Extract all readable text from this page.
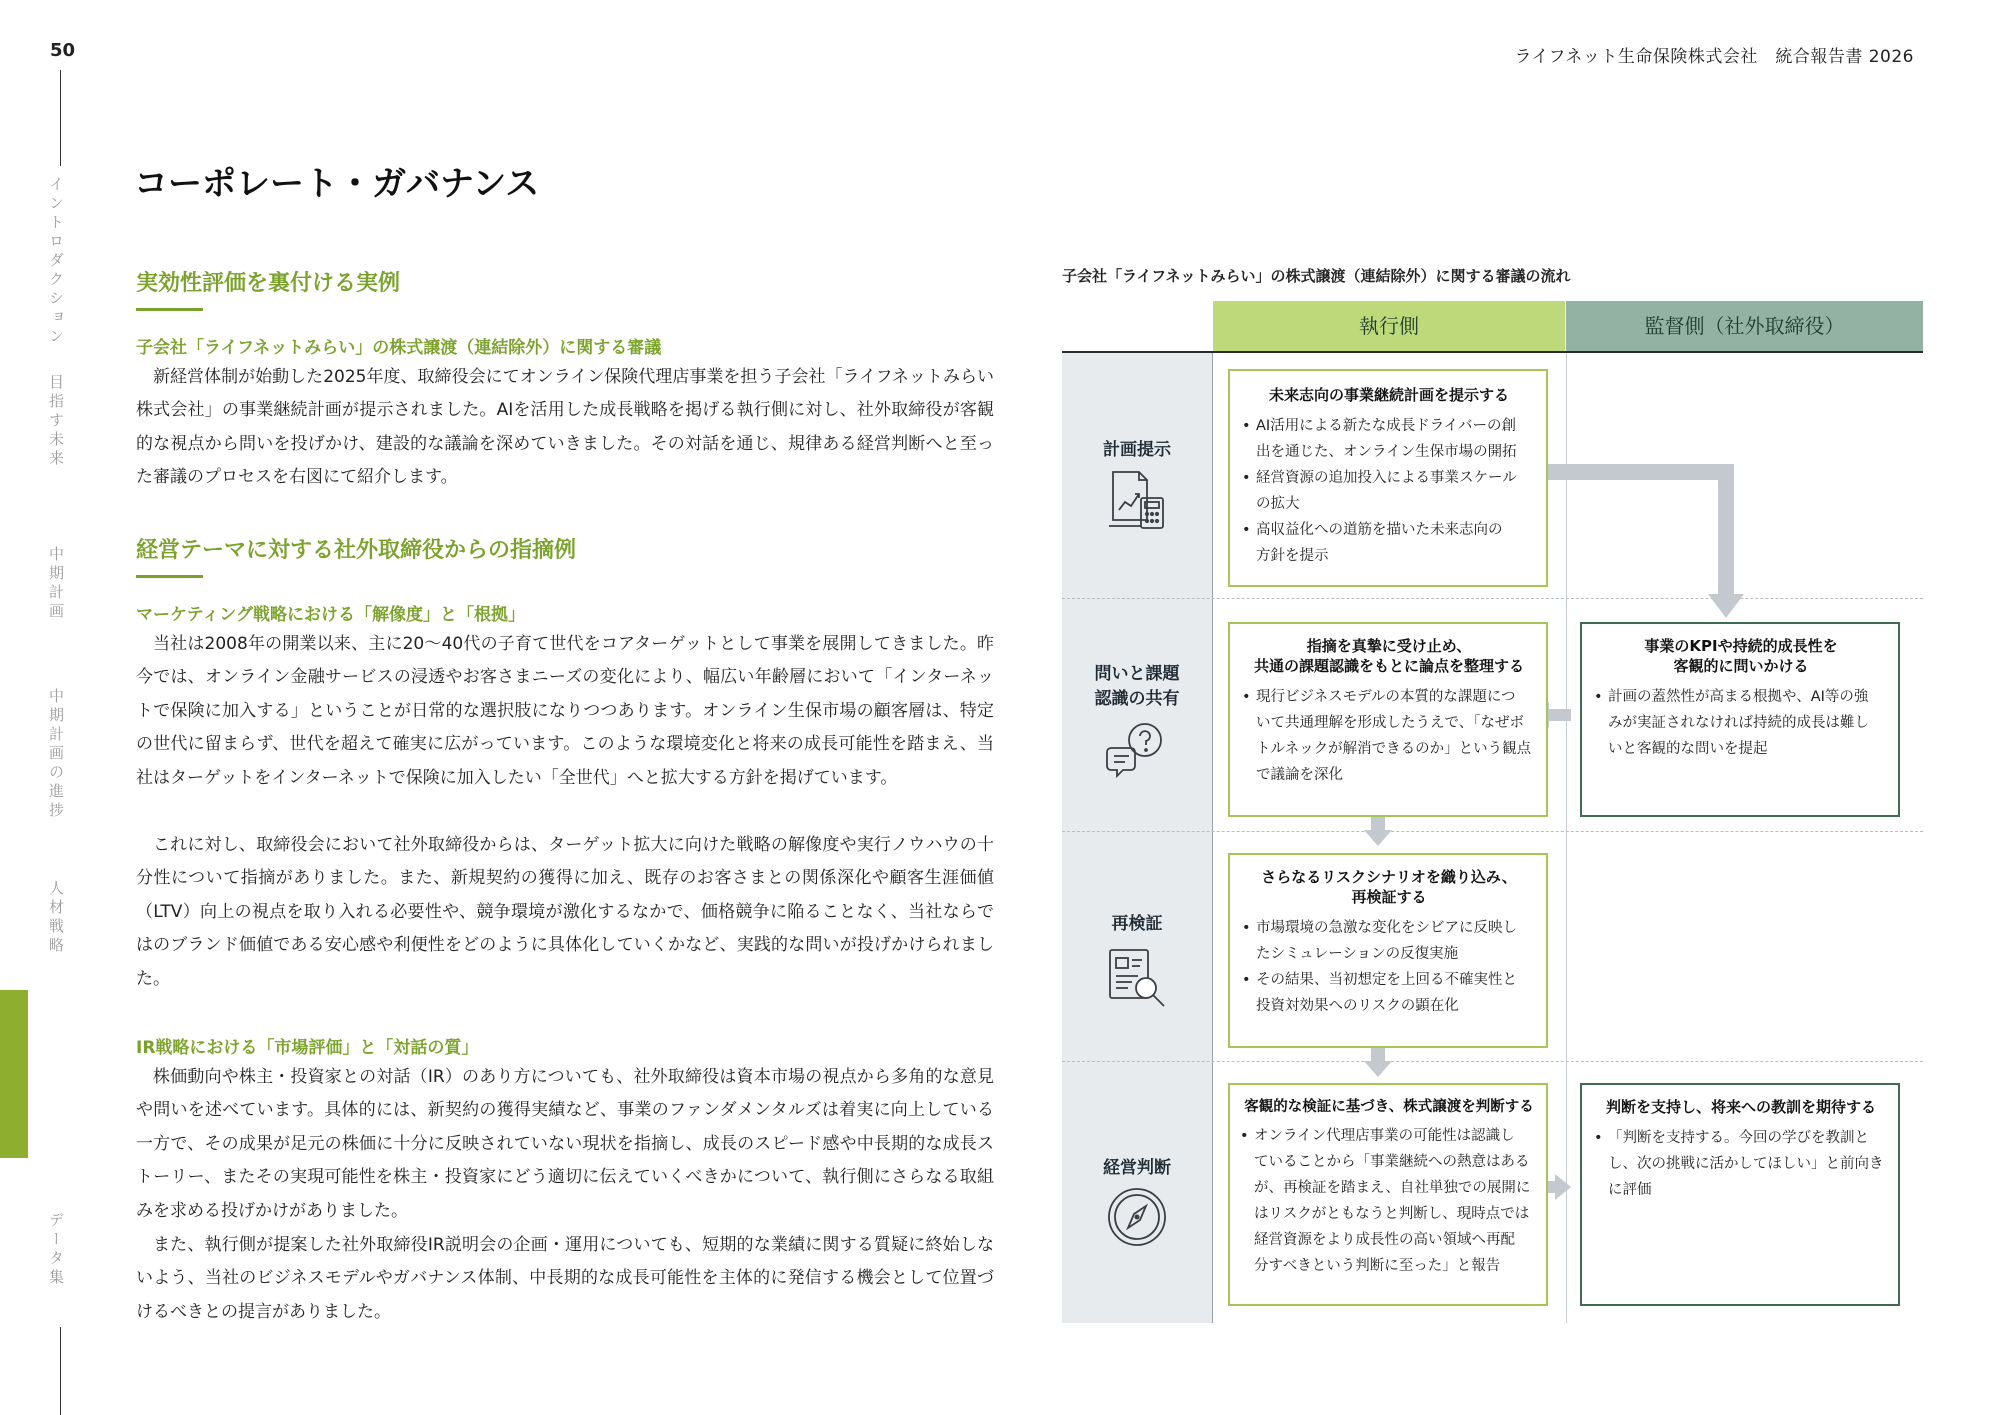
50	ライフネット生命保険株式会社　統合報告書 2026
コーポレート・ガバナンス
イントロダクション
目指す未来
中期計画
中期計画の進捗
人材戦略
サステナビリティ
データ集
実効性評価を裏付ける実例
子会社「ライフネットみらい」の株式譲渡（連結除外）に関する審議

新経営体制が始動した2025年度、取締役会にてオンライン保険代理店事業を担う子会社「ライフネットみらい株式会社」の事業継続計画が提示されました。AIを活用した成長戦略を掲げる執行側に対し、社外取締役が客観的な視点から問いを投げかけ、建設的な議論を深めていきました。その対話を通じ、規律ある経営判断へと至った審議のプロセスを右図にて紹介します。

経営テーマに対する社外取締役からの指摘例
マーケティング戦略における「解像度」と「根拠」

当社は2008年の開業以来、主に20〜40代の子育て世代をコアターゲットとして事業を展開してきました。昨今では、オンライン金融サービスの浸透やお客さまニーズの変化により、幅広い年齢層において「インターネットで保険に加入する」ということが日常的な選択肢になりつつあります。オンライン生保市場の顧客層は、特定の世代に留まらず、世代を超えて確実に広がっています。このような環境変化と将来の成長可能性を踏まえ、当社はターゲットをインターネットで保険に加入したい「全世代」へと拡大する方針を掲げています。

これに対し、取締役会において社外取締役からは、ターゲット拡大に向けた戦略の解像度や実行ノウハウの十分性について指摘がありました。また、新規契約の獲得に加え、既存のお客さまとの関係深化や顧客生涯価値（LTV）向上の視点を取り入れる必要性や、競争環境が激化するなかで、価格競争に陥ることなく、当社ならではのブランド価値である安心感や利便性をどのように具体化していくかなど、実践的な問いが投げかけられました。

IR戦略における「市場評価」と「対話の質」

株価動向や株主・投資家との対話（IR）のあり方についても、社外取締役は資本市場の視点から多角的な意見や問いを述べています。具体的には、新契約の獲得実績など、事業のファンダメンタルズは着実に向上している一方で、その成果が足元の株価に十分に反映されていない現状を指摘し、成長のスピード感や中長期的な成長ストーリー、またその実現可能性を株主・投資家にどう適切に伝えていくべきかについて、執行側にさらなる取組みを求める投げかけがありました。

また、執行側が提案した社外取締役IR説明会の企画・運用についても、短期的な業績に関する質疑に終始しないよう、当社のビジネスモデルやガバナンス体制、中長期的な成長可能性を主体的に発信する機会として位置づけるべきとの提言がありました。

子会社「ライフネットみらい」の株式譲渡（連結除外）に関する審議の流れ
執行側	監督側（社外取締役）
計画提示
問いと課題
認識の共有
再検証
経営判断

未来志向の事業継続計画を提示する

• AI活用による新たな成長ドライバーの創
出を通じた、オンライン生保市場の開拓
• 経営資源の追加投入による事業スケール
の拡大
• 高収益化への道筋を描いた未来志向の
方針を提示

指摘を真摯に受け止め、
共通の課題認識をもとに論点を整理する

• 現行ビジネスモデルの本質的な課題につ
いて共通理解を形成したうえで、「なぜボ
トルネックが解消できるのか」という観点
で議論を深化

事業のKPIや持続的成長性を
客観的に問いかける

• 計画の蓋然性が高まる根拠や、AI等の強
みが実証されなければ持続的成長は難し
いと客観的な問いを提起

さらなるリスクシナリオを織り込み、
再検証する

• 市場環境の急激な変化をシビアに反映し
たシミュレーションの反復実施
• その結果、当初想定を上回る不確実性と
投資対効果へのリスクの顕在化

客観的な検証に基づき、株式譲渡を判断する

• オンライン代理店事業の可能性は認識し
ていることから「事業継続への熱意はある
が、再検証を踏まえ、自社単独での展開に
はリスクがともなうと判断し、現時点では
経営資源をより成長性の高い領域へ再配
分すべきという判断に至った」と報告

判断を支持し、将来への教訓を期待する

• 「判断を支持する。今回の学びを教訓と
し、次の挑戦に活かしてほしい」と前向き
に評価
